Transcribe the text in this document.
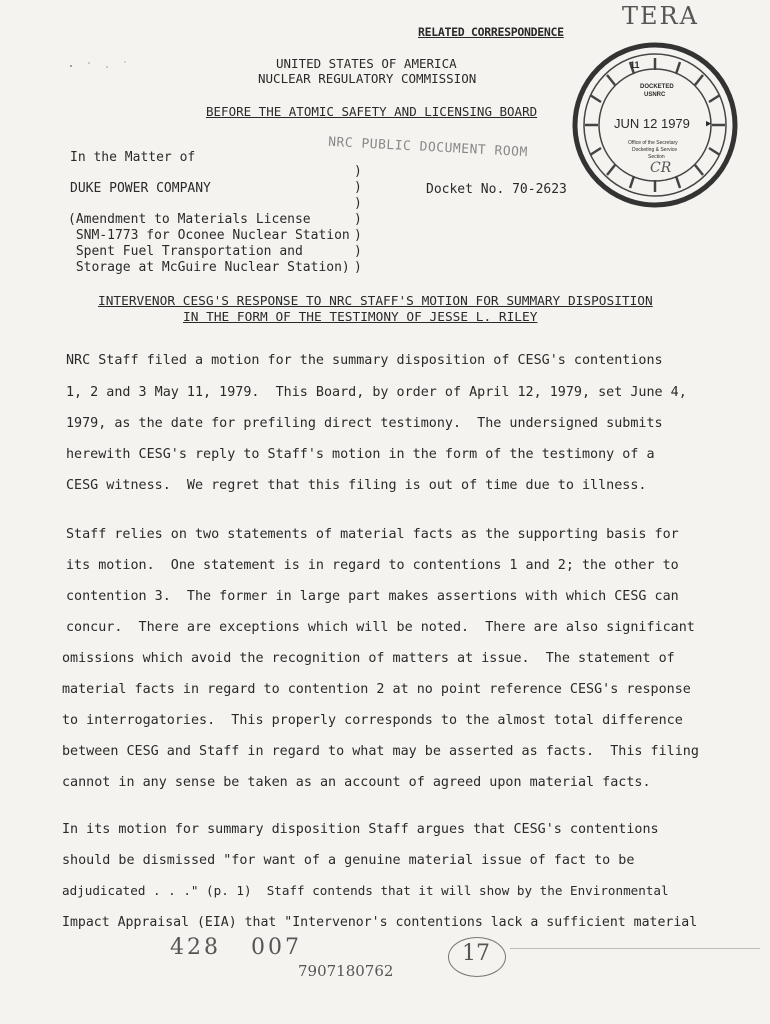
TERA
RELATED CORRESPONDENCE

UNITED STATES OF AMERICA
NUCLEAR REGULATORY COMMISSION
BEFORE THE ATOMIC SAFETY AND LICENSING BOARD
DOCKETED
USNRC
JUN 12 1979 ▶
Office of the Secretary
Docketing & Service
Section
CR
11
NRC PUBLIC DOCUMENT ROOM
In the Matter of
DUKE POWER COMPANY
(Amendment to Materials License
SNM-1773 for Oconee Nuclear Station
Spent Fuel Transportation and
Storage at McGuire Nuclear Station)
)
)
)
)
)
)
)
Docket No. 70-2623
INTERVENOR CESG'S RESPONSE TO NRC STAFF'S MOTION FOR SUMMARY DISPOSITION
IN THE FORM OF THE TESTIMONY OF JESSE L. RILEY
NRC Staff filed a motion for the summary disposition of CESG's contentions
1, 2 and 3 May 11, 1979.  This Board, by order of April 12, 1979, set June 4,
1979, as the date for prefiling direct testimony.  The undersigned submits
herewith CESG's reply to Staff's motion in the form of the testimony of a
CESG witness.  We regret that this filing is out of time due to illness.
Staff relies on two statements of material facts as the supporting basis for
its motion.  One statement is in regard to contentions 1 and 2; the other to
contention 3.  The former in large part makes assertions with which CESG can
concur.  There are exceptions which will be noted.  There are also significant
omissions which avoid the recognition of matters at issue.  The statement of
material facts in regard to contention 2 at no point reference CESG's response
to interrogatories.  This properly corresponds to the almost total difference
between CESG and Staff in regard to what may be asserted as facts.  This filing
cannot in any sense be taken as an account of agreed upon material facts.
In its motion for summary disposition Staff argues that CESG's contentions
should be dismissed "for want of a genuine material issue of fact to be
adjudicated . . ." (p. 1)  Staff contends that it will show by the Environmental
Impact Appraisal (EIA) that "Intervenor's contentions lack a sufficient material
428   007
7907180762
17
